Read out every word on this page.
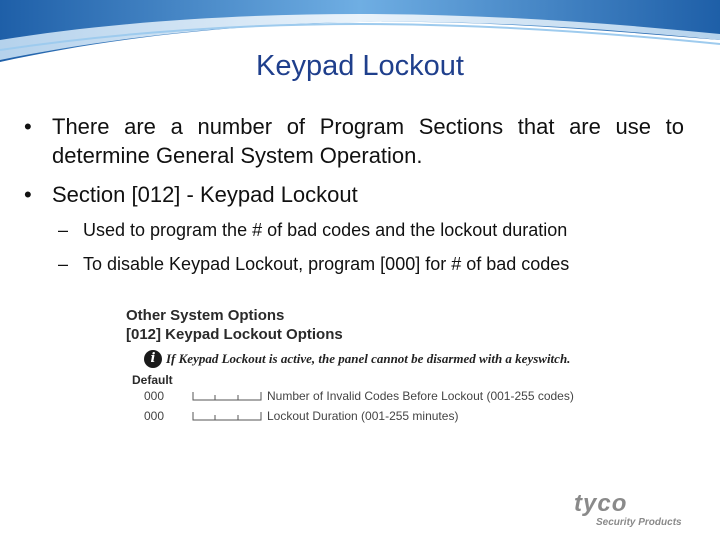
Keypad Lockout
• There are a number of Program Sections that are use to determine General System Operation.
• Section [012] - Keypad Lockout
– Used to program the # of bad codes and the lockout duration
– To disable Keypad Lockout, program [000] for # of bad codes
Other System Options
[012] Keypad Lockout Options
i If Keypad Lockout is active, the panel cannot be disarmed with a keyswitch.
Default
000	Number of Invalid Codes Before Lockout (001-255 codes)
000	Lockout Duration (001-255 minutes)
tyco
Security Products
